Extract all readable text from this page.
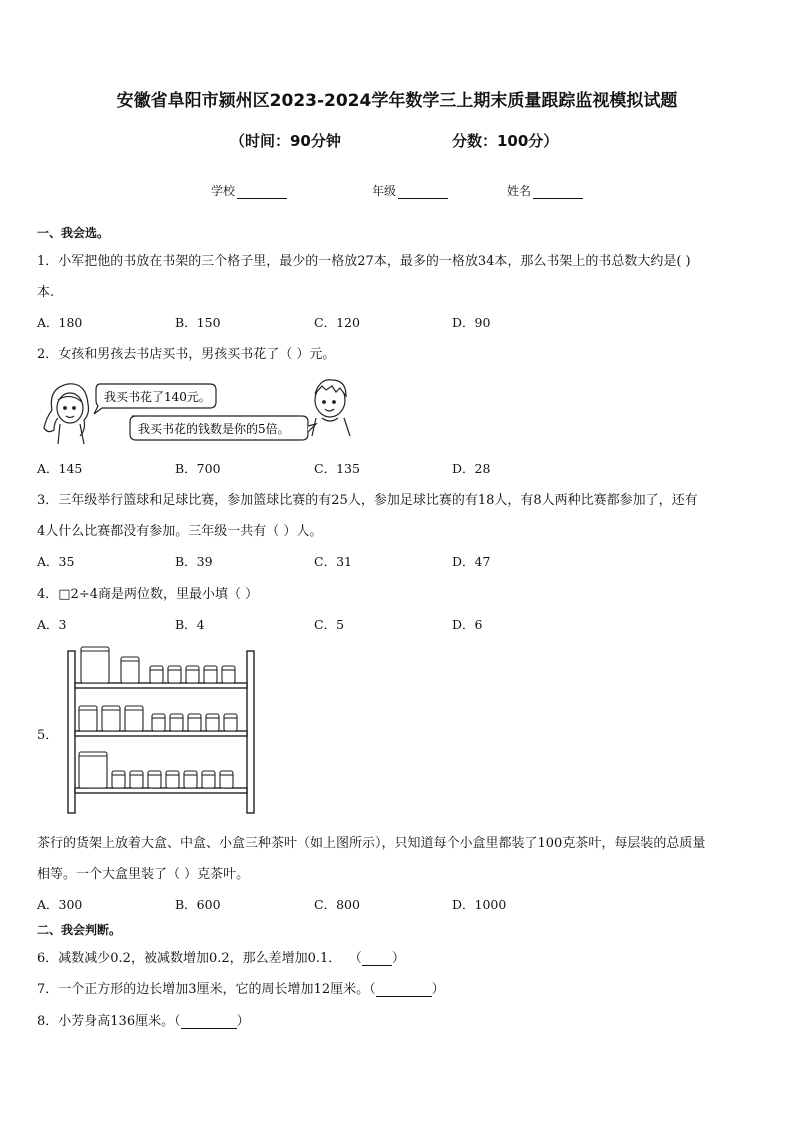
安徽省阜阳市颍州区2023-2024学年数学三上期末质量跟踪监视模拟试题
（时间：90分钟	分数：100分）
学校	年级	姓名
一、我会选。
1．小军把他的书放在书架的三个格子里，最少的一格放27本，最多的一格放34本，那么书架上的书总数大约是( )
本.
A．180	B．150	C．120	D．90
2．女孩和男孩去书店买书，男孩买书花了（ ）元。
我买书花了140元。
我买书花的钱数是你的5倍。
A．145	B．700	C．135	D．28
3．三年级举行篮球和足球比赛，参加篮球比赛的有25人，参加足球比赛的有18人，有8人两种比赛都参加了，还有
4人什么比赛都没有参加。三年级一共有（ ）人。
A．35	B．39	C．31	D．47
4．□2÷4商是两位数，里最小填（ ）
A．3	B．4	C．5	D．6
5．
茶行的货架上放着大盒、中盒、小盒三种茶叶（如上图所示），只知道每个小盒里都装了100克茶叶，每层装的总质量
相等。一个大盒里装了（ ）克茶叶。
A．300	B．600	C．800	D．1000
二、我会判断。
6．减数减少0.2，被减数增加0.2，那么差增加0.1． （ ）
7．一个正方形的边长增加3厘米，它的周长增加12厘米。（	）
8．小芳身高136厘米。（	）
